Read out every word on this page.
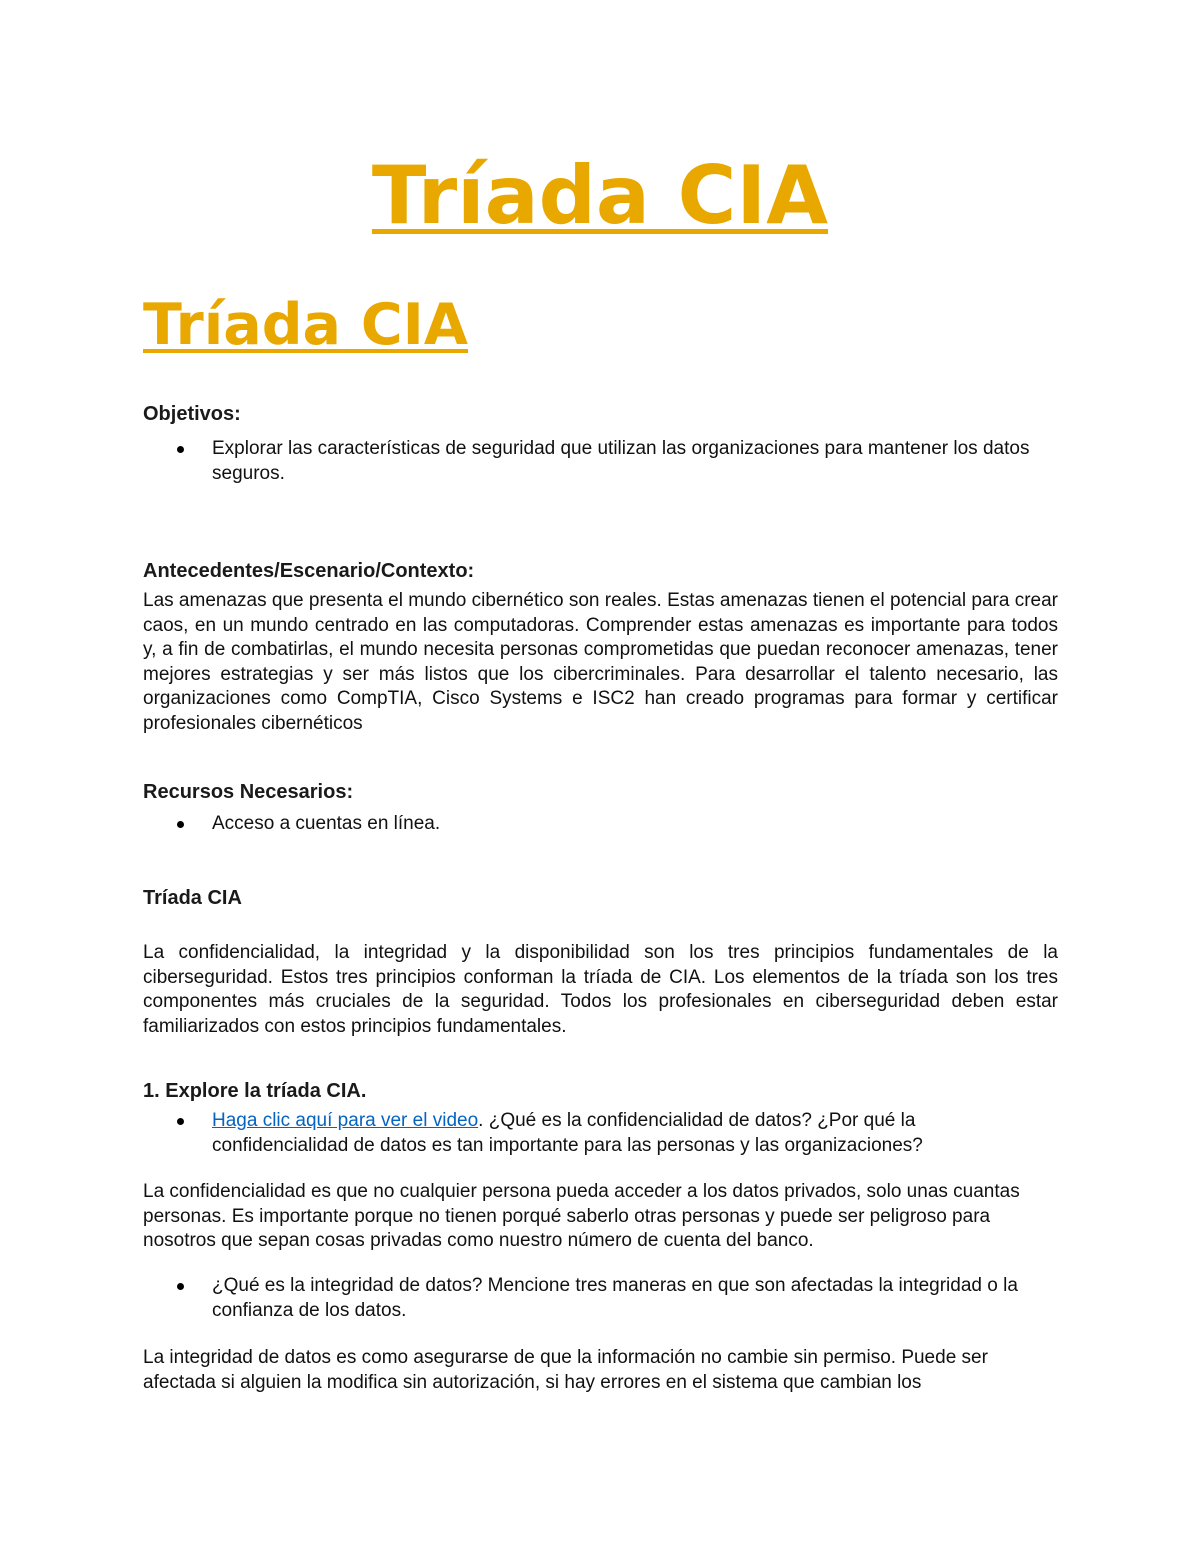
Tríada CIA
Tríada CIA
Objetivos:
Explorar las características de seguridad que utilizan las organizaciones para mantener los datos seguros.
Antecedentes/Escenario/Contexto:

Las amenazas que presenta el mundo cibernético son reales. Estas amenazas tienen el potencial para crear caos, en un mundo centrado en las computadoras. Comprender estas amenazas es importante para todos y, a fin de combatirlas, el mundo necesita personas comprometidas que puedan reconocer amenazas, tener mejores estrategias y ser más listos que los cibercriminales. Para desarrollar el talento necesario, las organizaciones como CompTIA, Cisco Systems e ISC2 han creado programas para formar y certificar profesionales cibernéticos

Recursos Necesarios:
Acceso a cuentas en línea.
Tríada CIA

La confidencialidad, la integridad y la disponibilidad son los tres principios fundamentales de la ciberseguridad. Estos tres principios conforman la tríada de CIA. Los elementos de la tríada son los tres componentes más cruciales de la seguridad. Todos los profesionales en ciberseguridad deben estar familiarizados con estos principios fundamentales.

1. Explore la tríada CIA.
Haga clic aquí para ver el video. ¿Qué es la confidencialidad de datos? ¿Por qué la confidencialidad de datos es tan importante para las personas y las organizaciones?

La confidencialidad es que no cualquier persona pueda acceder a los datos privados, solo unas cuantas personas. Es importante porque no tienen porqué saberlo otras personas y puede ser peligroso para nosotros que sepan cosas privadas como nuestro número de cuenta del banco.

¿Qué es la integridad de datos? Mencione tres maneras en que son afectadas la integridad o la confianza de los datos.

La integridad de datos es como asegurarse de que la información no cambie sin permiso. Puede ser afectada si alguien la modifica sin autorización, si hay errores en el sistema que cambian los
